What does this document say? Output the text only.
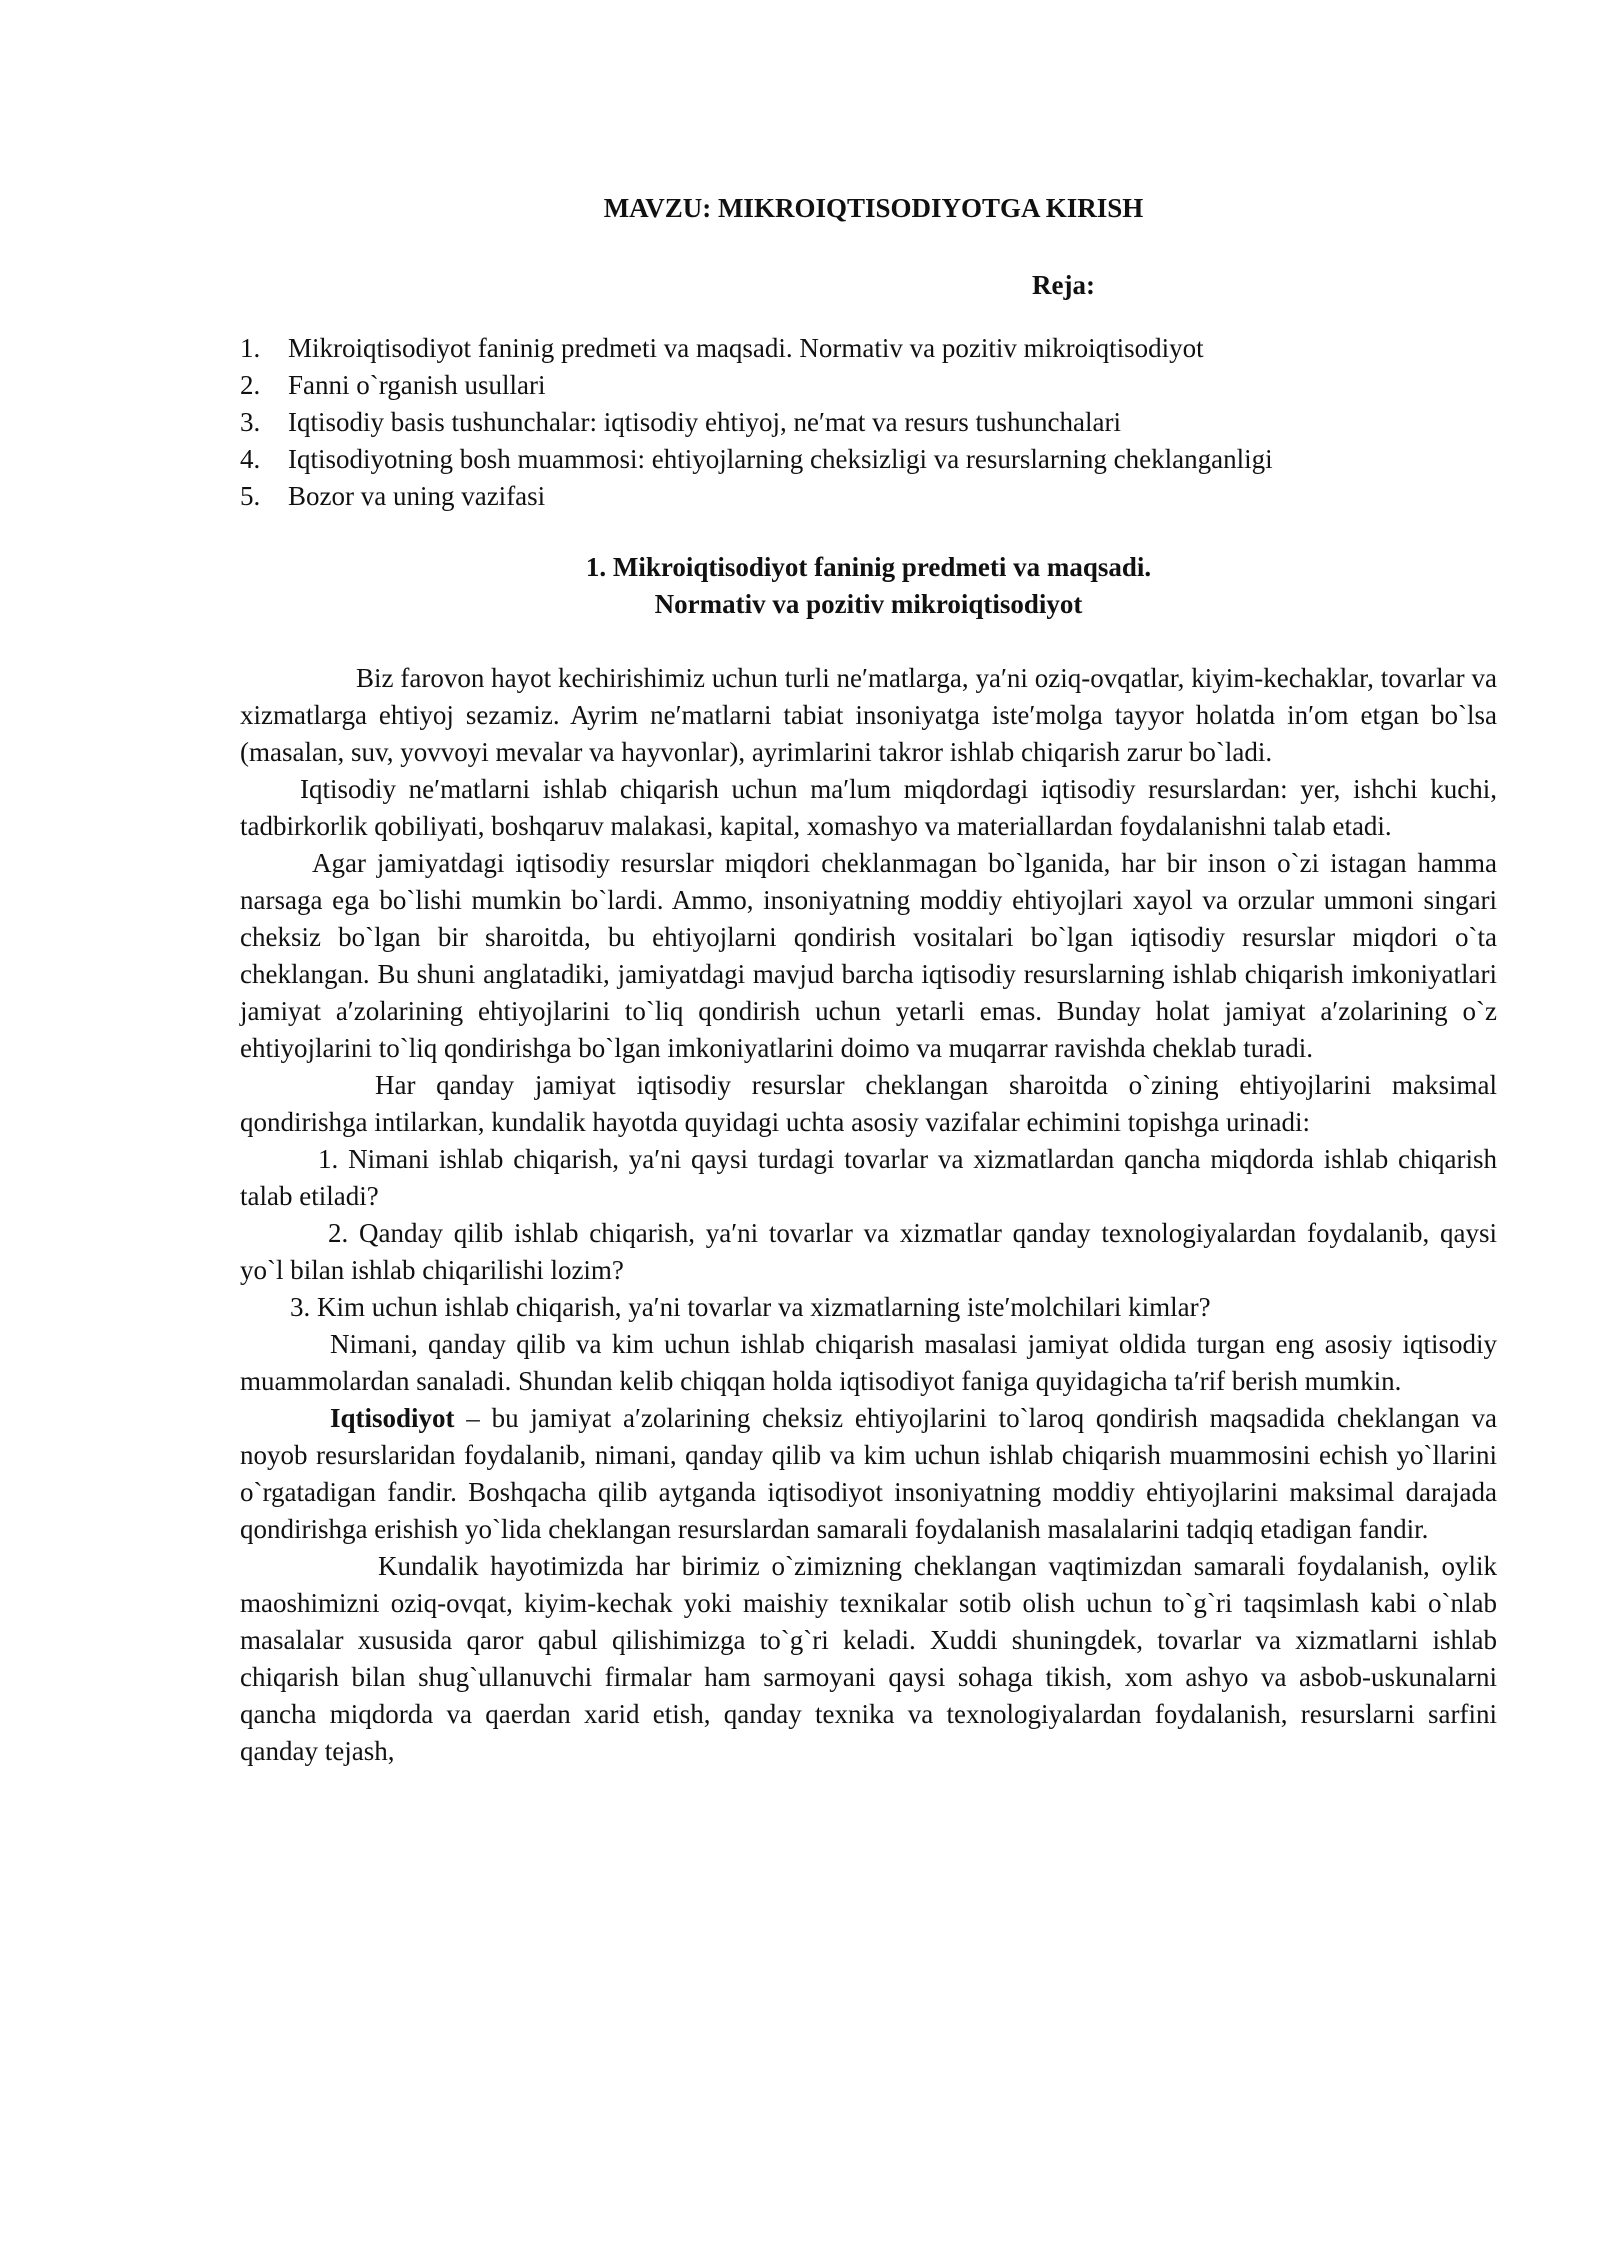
MAVZU: MIKROIQTISODIYOTGA KIRISH
Reja:
1.	Mikroiqtisodiyot faninig predmeti va maqsadi. Normativ va pozitiv mikroiqtisodiyot
2.	Fanni o`rganish usullari
3.	Iqtisodiy basis tushunchalar: iqtisodiy ehtiyoj, ne′mat va resurs tushunchalari
4.	Iqtisodiyotning bosh muammosi: ehtiyojlarning cheksizligi va resurslarning cheklanganligi
5.	Bozor va uning vazifasi
1. Mikroiqtisodiyot faninig predmeti va maqsadi.
Normativ va pozitiv mikroiqtisodiyot

Biz farovon hayot kechirishimiz uchun turli ne′matlarga, ya′ni oziq-ovqatlar, kiyim-kechaklar, tovarlar va xizmatlarga ehtiyoj sezamiz. Ayrim ne′matlarni tabiat insoniyatga iste′molga tayyor holatda in′om etgan bo`lsa (masalan, suv, yovvoyi mevalar va hayvonlar), ayrimlarini takror ishlab chiqarish zarur bo`ladi.

Iqtisodiy ne′matlarni ishlab chiqarish uchun ma′lum miqdordagi iqtisodiy resurslardan: yer, ishchi kuchi, tadbirkorlik qobiliyati, boshqaruv malakasi, kapital, xomashyo va materiallardan foydalanishni talab etadi.

Agar jamiyatdagi iqtisodiy resurslar miqdori cheklanmagan bo`lganida, har bir inson o`zi istagan hamma narsaga ega bo`lishi mumkin bo`lardi. Ammo, insoniyatning moddiy ehtiyojlari xayol va orzular ummoni singari cheksiz bo`lgan bir sharoitda, bu ehtiyojlarni qondirish vositalari bo`lgan iqtisodiy resurslar miqdori o`ta cheklangan. Bu shuni anglatadiki, jamiyatdagi mavjud barcha iqtisodiy resurslarning ishlab chiqarish imkoniyatlari jamiyat a′zolarining ehtiyojlarini to`liq qondirish uchun yetarli emas. Bunday holat jamiyat a′zolarining o`z ehtiyojlarini to`liq qondirishga bo`lgan imkoniyatlarini doimo va muqarrar ravishda cheklab turadi.

Har qanday jamiyat iqtisodiy resurslar cheklangan sharoitda o`zining ehtiyojlarini maksimal qondirishga intilarkan, kundalik hayotda quyidagi uchta asosiy vazifalar echimini topishga urinadi:

1. Nimani ishlab chiqarish, ya′ni qaysi turdagi tovarlar va xizmatlardan qancha miqdorda ishlab chiqarish talab etiladi?

2. Qanday qilib ishlab chiqarish, ya′ni tovarlar va xizmatlar qanday texnologiyalardan foydalanib, qaysi yo`l bilan ishlab chiqarilishi lozim?

3. Kim uchun ishlab chiqarish, ya′ni tovarlar va xizmatlarning iste′molchilari kimlar?

Nimani, qanday qilib va kim uchun ishlab chiqarish masalasi jamiyat oldida turgan eng asosiy iqtisodiy muammolardan sanaladi. Shundan kelib chiqqan holda iqtisodiyot faniga quyidagicha ta′rif berish mumkin.

Iqtisodiyot – bu jamiyat a′zolarining cheksiz ehtiyojlarini to`laroq qondirish maqsadida cheklangan va noyob resurslaridan foydalanib, nimani, qanday qilib va kim uchun ishlab chiqarish muammosini echish yo`llarini o`rgatadigan fandir. Boshqacha qilib aytganda iqtisodiyot insoniyatning moddiy ehtiyojlarini maksimal darajada qondirishga erishish yo`lida cheklangan resurslardan samarali foydalanish masalalarini tadqiq etadigan fandir.

Kundalik hayotimizda har birimiz o`zimizning cheklangan vaqtimizdan samarali foydalanish, oylik maoshimizni oziq-ovqat, kiyim-kechak yoki maishiy texnikalar sotib olish uchun to`g`ri taqsimlash kabi o`nlab masalalar xususida qaror qabul qilishimizga to`g`ri keladi. Xuddi shuningdek, tovarlar va xizmatlarni ishlab chiqarish bilan shug`ullanuvchi firmalar ham sarmoyani qaysi sohaga tikish, xom ashyo va asbob-uskunalarni qancha miqdorda va qaerdan xarid etish, qanday texnika va texnologiyalardan foydalanish, resurslarni sarfini qanday tejash,
